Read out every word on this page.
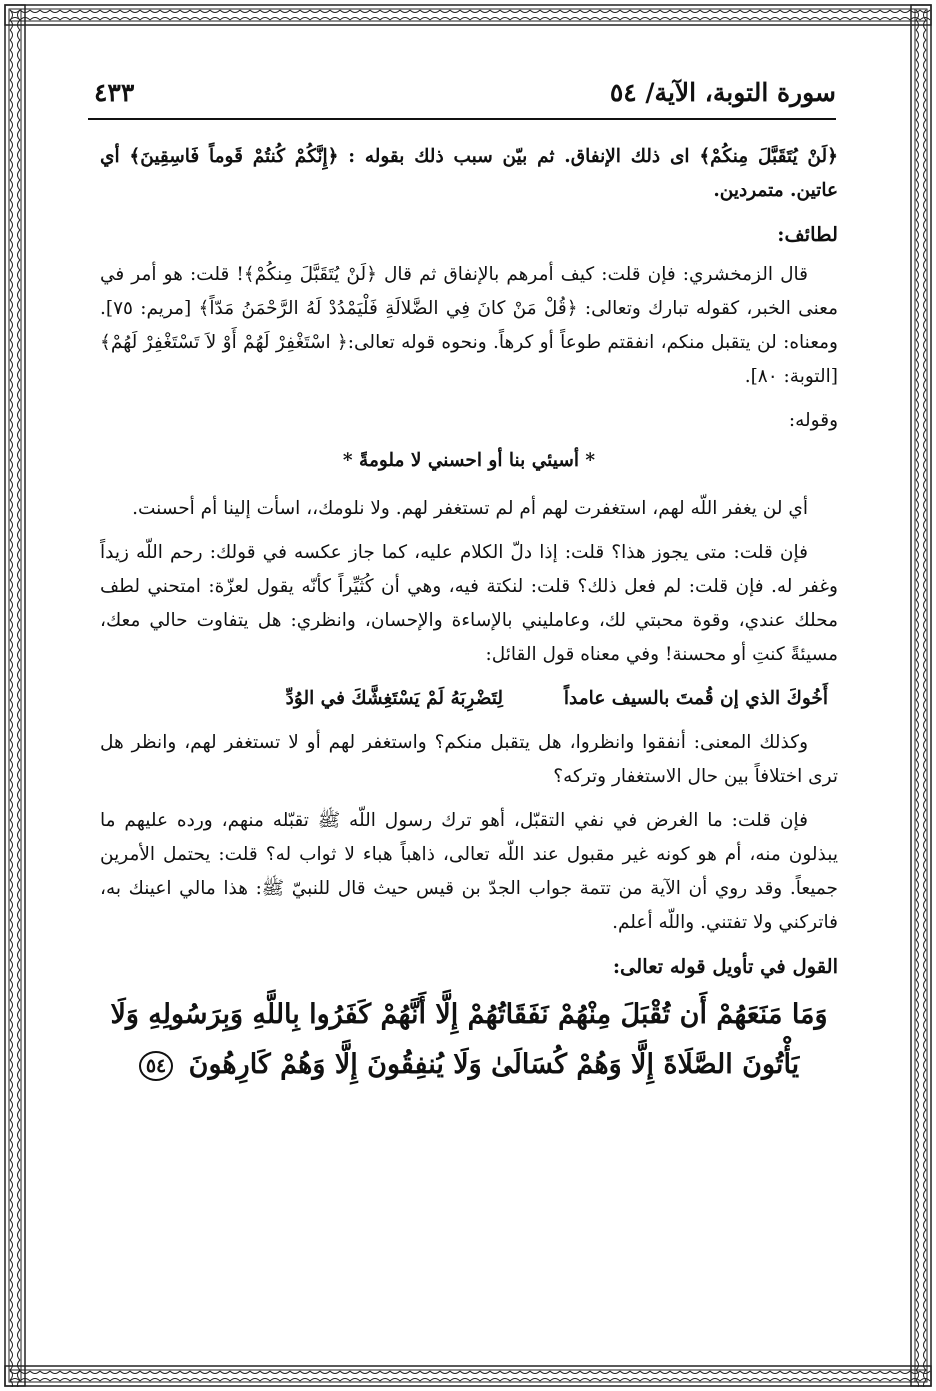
سورة التوبة، الآية/ ٥٤
٤٣٣

﴿لَنْ يُتَقَبَّلَ مِنكُمْ﴾ اى ذلك الإنفاق. ثم بيّن سبب ذلك بقوله : ﴿إِنَّكُمْ كُنتُمْ قَوماً فَاسِقِينَ﴾ أي عاتين. متمردين.

لطائف:

قال الزمخشري: فإن قلت: كيف أمرهم بالإنفاق ثم قال ﴿لَنْ يُتَقَبَّلَ مِنكُمْ﴾! قلت: هو أمر في معنى الخبر، كقوله تبارك وتعالى: ﴿قُلْ مَنْ كانَ فِي الضَّلالَةِ فَلْيَمْدُدْ لَهُ الرَّحْمَنُ مَدّاً﴾ [مريم: ٧٥]. ومعناه: لن يتقبل منكم، انفقتم طوعاً أو كرهاً. ونحوه قوله تعالى:﴿ اسْتَغْفِرْ لَهُمْ أَوْ لاَ تَسْتَغْفِرْ لَهُمْ﴾ [التوبة: ٨٠].

وقوله:

* أسيئي بنا أو احسني لا ملومةً *

أي لن يغفر اللّه لهم، استغفرت لهم أم لم تستغفر لهم. ولا نلومك،، اسأت إلينا أم أحسنت.

فإن قلت: متى يجوز هذا؟ قلت: إذا دلّ الكلام عليه، كما جاز عكسه في قولك: رحم اللّه زيداً وغفر له. فإن قلت: لم فعل ذلك؟ قلت: لنكتة فيه، وهي أن كُثَيِّراً كأنّه يقول لعزّة: امتحني لطف محلك عندي، وقوة محبتي لك، وعامليني بالإساءة والإحسان، وانظري: هل يتفاوت حالي معك، مسيئةً كنتِ أو محسنة! وفي معناه قول القائل:

أَخُوكَ الذي إن قُمتَ بالسيف عامداً  لِتَضْرِبَهُ لَمْ يَسْتَغِشَّكَ في الوُدِّ

وكذلك المعنى: أنفقوا وانظروا، هل يتقبل منكم؟ واستغفر لهم أو لا تستغفر لهم، وانظر هل ترى اختلافاً بين حال الاستغفار وتركه؟

فإن قلت: ما الغرض في نفي التقبّل، أهو ترك رسول اللّه ﷺ تقبّله منهم، ورده عليهم ما يبذلون منه، أم هو كونه غير مقبول عند اللّه تعالى، ذاهباً هباء لا ثواب له؟ قلت: يحتمل الأمرين جميعاً. وقد روي أن الآية من تتمة جواب الجدّ بن قيس حيث قال للنبيّ ﷺ: هذا مالي اعينك به، فاتركني ولا تفتني. واللّه أعلم.

القول في تأويل قوله تعالى:

وَمَا مَنَعَهُمْ أَن تُقْبَلَ مِنْهُمْ نَفَقَاتُهُمْ إِلَّا أَنَّهُمْ كَفَرُوا بِاللَّهِ وَبِرَسُولِهِ وَلَا

يَأْتُونَ الصَّلَاةَ إِلَّا وَهُمْ كُسَالَىٰ وَلَا يُنفِقُونَ إِلَّا وَهُمْ كَارِهُونَ ٥٤
